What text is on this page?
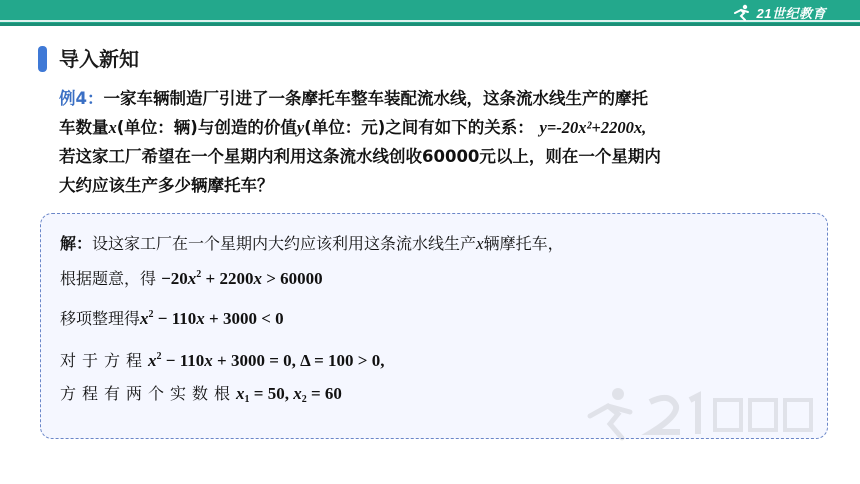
21世纪教育
导入新知
例4：一家车辆制造厂引进了一条摩托车整车装配流水线，这条流水线生产的摩托
车数量x(单位：辆)与创造的价值y(单位：元)之间有如下的关系： y=-20x²+2200x,
若这家工厂希望在一个星期内利用这条流水线创收60000元以上，则在一个星期内
大约应该生产多少辆摩托车？
解：设这家工厂在一个星期内大约应该利用这条流水线生产x辆摩托车，
根据题意，得 $-20x^2 + 2200x > 60000$
移项整理得$x^2 - 110x + 3000 < 0$
对于方程$x^2 - 110x + 3000 = 0$, Δ = 100 > 0,
方程有两个实数根$x_1 = 50$, $x_2 = 60$
